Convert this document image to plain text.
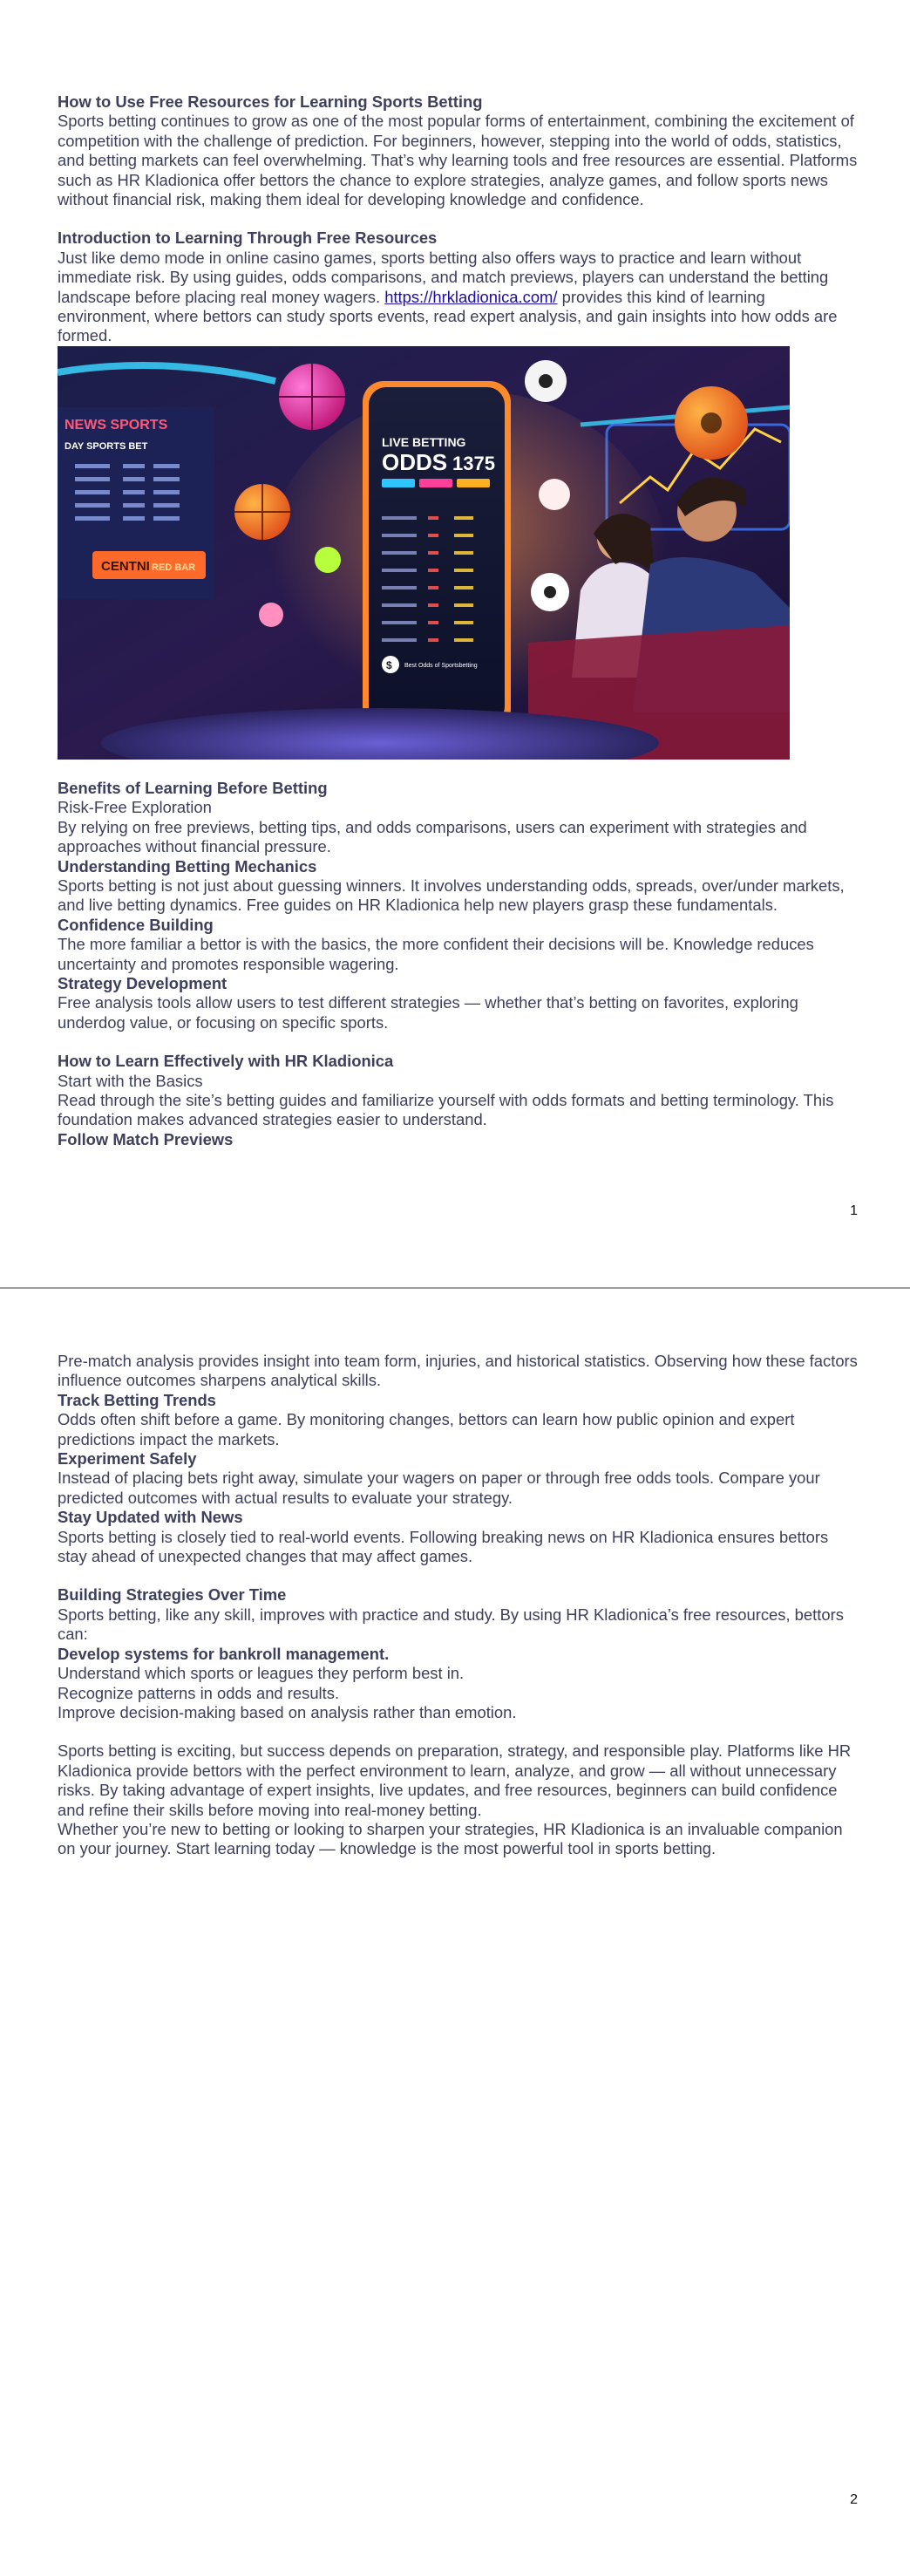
How to Use Free Resources for Learning Sports Betting

Sports betting continues to grow as one of the most popular forms of entertainment, combining the excitement of competition with the challenge of prediction. For beginners, however, stepping into the world of odds, statistics, and betting markets can feel overwhelming. That’s why learning tools and free resources are essential. Platforms such as HR Kladionica offer bettors the chance to explore strategies, analyze games, and follow sports news without financial risk, making them ideal for developing knowledge and confidence.

Introduction to Learning Through Free Resources

Just like demo mode in online casino games, sports betting also offers ways to practice and learn without immediate risk. By using guides, odds comparisons, and match previews, players can understand the betting landscape before placing real money wagers. https://hrkladionica.com/ provides this kind of learning environment, where bettors can study sports events, read expert analysis, and gain insights into how odds are formed.

NEWS SPORTS
DAY SPORTS BET
CENTNI RED BAR
LIVE BETTING
ODDS 1375
$ Best Odds of Sportsbetting

Benefits of Learning Before Betting

Risk-Free Exploration

By relying on free previews, betting tips, and odds comparisons, users can experiment with strategies and approaches without financial pressure.

Understanding Betting Mechanics

Sports betting is not just about guessing winners. It involves understanding odds, spreads, over/under markets, and live betting dynamics. Free guides on HR Kladionica help new players grasp these fundamentals.

Confidence Building

The more familiar a bettor is with the basics, the more confident their decisions will be. Knowledge reduces uncertainty and promotes responsible wagering.

Strategy Development

Free analysis tools allow users to test different strategies — whether that’s betting on favorites, exploring underdog value, or focusing on specific sports.

How to Learn Effectively with HR Kladionica

Start with the Basics

Read through the site’s betting guides and familiarize yourself with odds formats and betting terminology. This foundation makes advanced strategies easier to understand.

Follow Match Previews

1

Pre-match analysis provides insight into team form, injuries, and historical statistics. Observing how these factors influence outcomes sharpens analytical skills.

Track Betting Trends

Odds often shift before a game. By monitoring changes, bettors can learn how public opinion and expert predictions impact the markets.

Experiment Safely

Instead of placing bets right away, simulate your wagers on paper or through free odds tools. Compare your predicted outcomes with actual results to evaluate your strategy.

Stay Updated with News

Sports betting is closely tied to real-world events. Following breaking news on HR Kladionica ensures bettors stay ahead of unexpected changes that may affect games.

Building Strategies Over Time

Sports betting, like any skill, improves with practice and study. By using HR Kladionica’s free resources, bettors can:

Develop systems for bankroll management.

Understand which sports or leagues they perform best in.

Recognize patterns in odds and results.

Improve decision-making based on analysis rather than emotion.

Sports betting is exciting, but success depends on preparation, strategy, and responsible play. Platforms like HR Kladionica provide bettors with the perfect environment to learn, analyze, and grow — all without unnecessary risks. By taking advantage of expert insights, live updates, and free resources, beginners can build confidence and refine their skills before moving into real-money betting.

Whether you’re new to betting or looking to sharpen your strategies, HR Kladionica is an invaluable companion on your journey. Start learning today — knowledge is the most powerful tool in sports betting.

2
